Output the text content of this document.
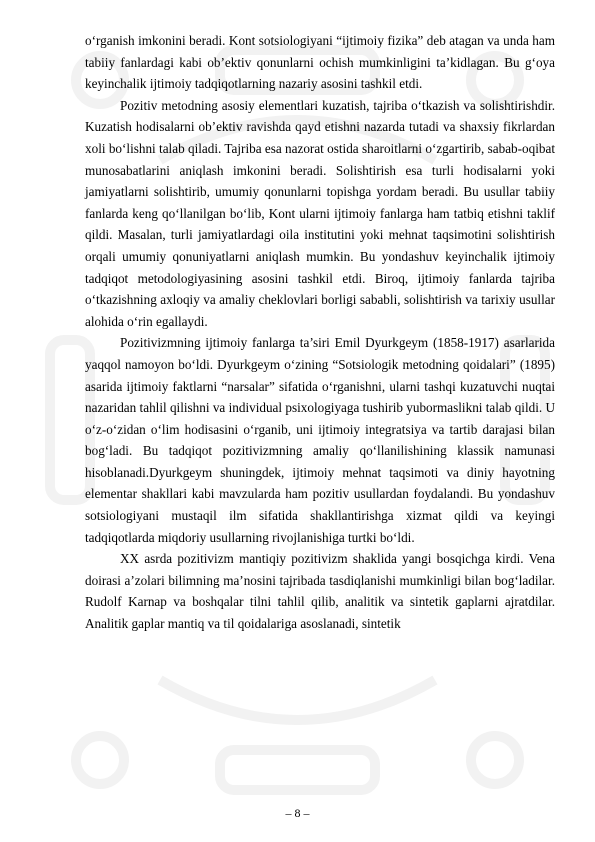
o‘rganish imkonini beradi. Kont sotsiologiyani “ijtimoiy fizika” deb atagan va unda ham tabiiy fanlardagi kabi ob’ektiv qonunlarni ochish mumkinligini ta’kidlagan. Bu g‘oya keyinchalik ijtimoiy tadqiqotlarning nazariy asosini tashkil etdi.

Pozitiv metodning asosiy elementlari kuzatish, tajriba o‘tkazish va solishtirishdir. Kuzatish hodisalarni ob’ektiv ravishda qayd etishni nazarda tutadi va shaxsiy fikrlardan xoli bo‘lishni talab qiladi. Tajriba esa nazorat ostida sharoitlarni o‘zgartirib, sabab-oqibat munosabatlarini aniqlash imkonini beradi. Solishtirish esa turli hodisalarni yoki jamiyatlarni solishtirib, umumiy qonunlarni topishga yordam beradi. Bu usullar tabiiy fanlarda keng qo‘llanilgan bo‘lib, Kont ularni ijtimoiy fanlarga ham tatbiq etishni taklif qildi. Masalan, turli jamiyatlardagi oila institutini yoki mehnat taqsimotini solishtirish orqali umumiy qonuniyatlarni aniqlash mumkin. Bu yondashuv keyinchalik ijtimoiy tadqiqot metodologiyasining asosini tashkil etdi. Biroq, ijtimoiy fanlarda tajriba o‘tkazishning axloqiy va amaliy cheklovlari borligi sababli, solishtirish va tarixiy usullar alohida o‘rin egallaydi.

Pozitivizmning ijtimoiy fanlarga ta’siri Emil Dyurkgeym (1858-1917) asarlarida yaqqol namoyon bo‘ldi. Dyurkgeym o‘zining “Sotsiologik metodning qoidalari” (1895) asarida ijtimoiy faktlarni “narsalar” sifatida o‘rganishni, ularni tashqi kuzatuvchi nuqtai nazaridan tahlil qilishni va individual psixologiyaga tushirib yubormaslikni talab qildi. U o‘z-o‘zidan o‘lim hodisasini o‘rganib, uni ijtimoiy integratsiya va tartib darajasi bilan bog‘ladi. Bu tadqiqot pozitivizmning amaliy qo‘llanilishining klassik namunasi hisoblanadi.Dyurkgeym shuningdek, ijtimoiy mehnat taqsimoti va diniy hayotning elementar shakllari kabi mavzularda ham pozitiv usullardan foydalandi. Bu yondashuv sotsiologiyani mustaqil ilm sifatida shakllantirishga xizmat qildi va keyingi tadqiqotlarda miqdoriy usullarning rivojlanishiga turtki bo‘ldi.

XX asrda pozitivizm mantiqiy pozitivizm shaklida yangi bosqichga kirdi. Vena doirasi a’zolari bilimning ma’nosini tajribada tasdiqlanishi mumkinligi bilan bog‘ladilar. Rudolf Karnap va boshqalar tilni tahlil qilib, analitik va sintetik gaplarni ajratdilar. Analitik gaplar mantiq va til qoidalariga asoslanadi, sintetik

– 8 –
